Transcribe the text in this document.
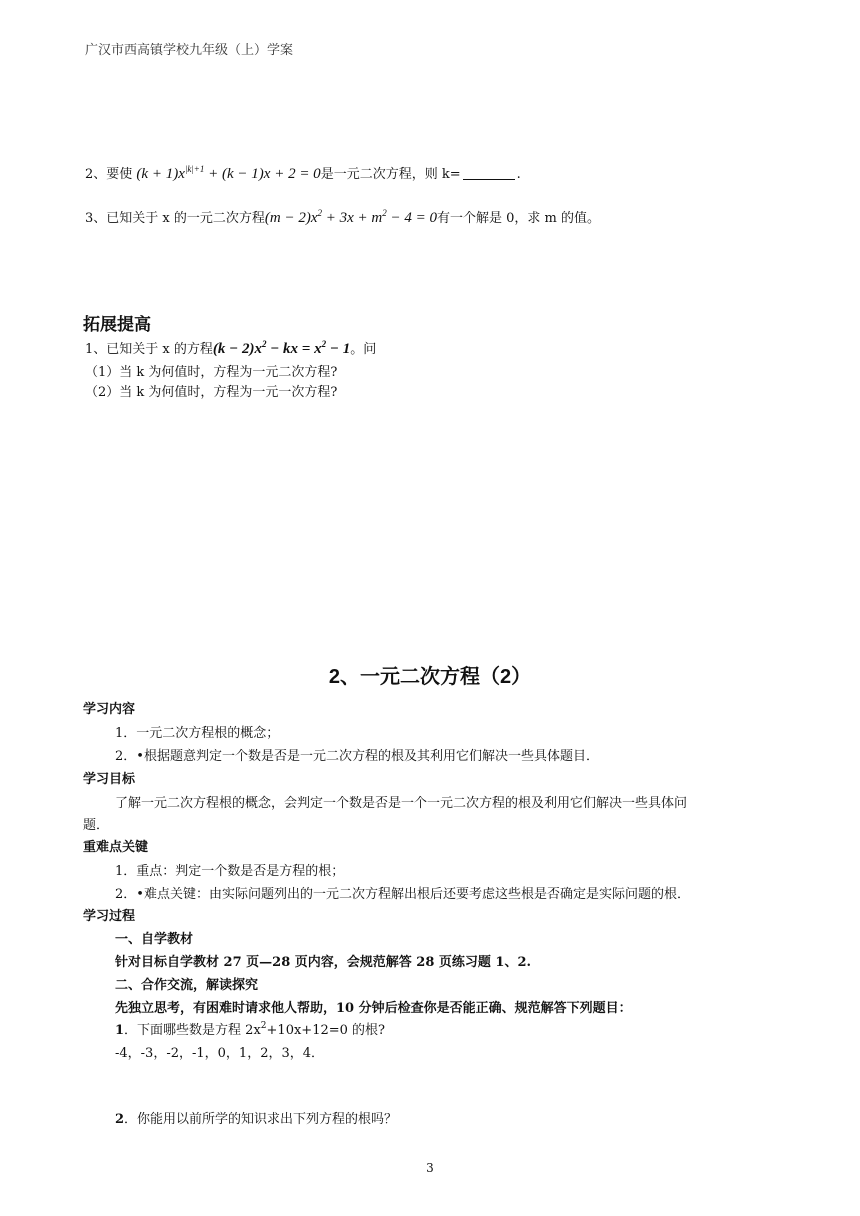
广汉市西高镇学校九年级（上）学案
2、要使 $(k + 1)x^{|k|+1} + (k - 1)x + 2 = 0$是一元二次方程，则 k=	.
3、已知关于 x 的一元二次方程$(m - 2)x^2 + 3x + m^2 - 4 = 0$有一个解是 0，求 m 的值。
拓展提高
1、已知关于 x 的方程$(k - 2)x^2$ − kx = $x^2 - 1$。问
（1）当 k 为何值时，方程为一元二次方程?
（2）当 k 为何值时，方程为一元一次方程?
2、一元二次方程（2）
学习内容
1．一元二次方程根的概念；
2．•根据题意判定一个数是否是一元二次方程的根及其利用它们解决一些具体题目．
学习目标
了解一元二次方程根的概念，会判定一个数是否是一个一元二次方程的根及利用它们解决一些具体问
题．
重难点关键
1．重点：判定一个数是否是方程的根；
2．•难点关键：由实际问题列出的一元二次方程解出根后还要考虑这些根是否确定是实际问题的根．
学习过程
一、自学教材
针对目标自学教材 27 页—28 页内容，会规范解答 28 页练习题 1、2.
二、合作交流，解读探究
先独立思考，有困难时请求他人帮助，10 分钟后检查你是否能正确、规范解答下列题目：
1．下面哪些数是方程 $2x^2+10x+12=0$ 的根?
-4，-3，-2，-1，0，1，2，3，4．
2．你能用以前所学的知识求出下列方程的根吗？
3
